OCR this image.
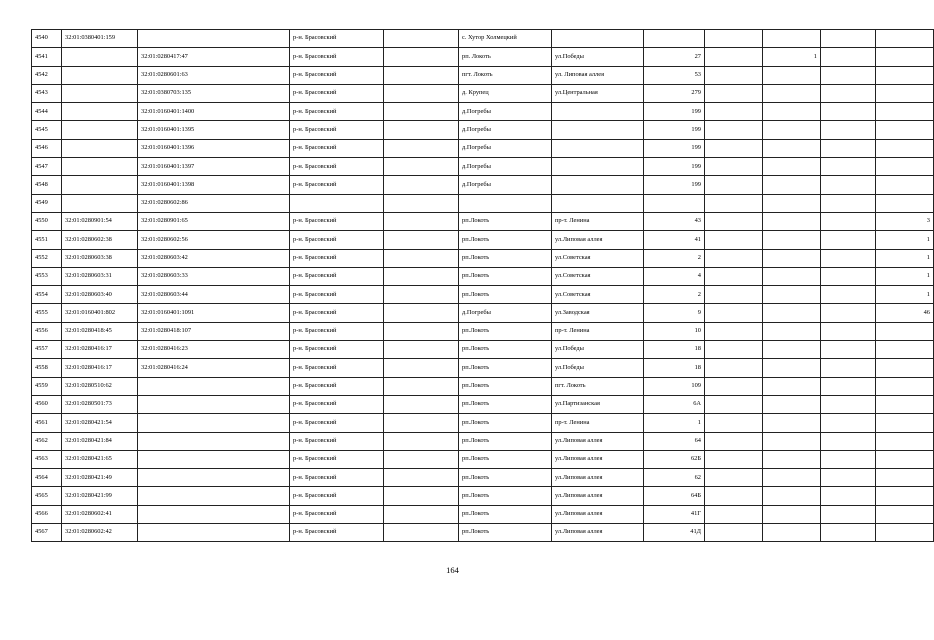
4540	32:01:0380401:159		р-н. Брасовский		с. Хутор Холмецкий						
4541		32:01:0280417:47	р-н. Брасовский		рп. Локоть	ул.Победы	27		1		
4542		32:01:0280601:63	р-н. Брасовский		пгт. Локоть	ул. Липовая аллея	53				
4543		32:01:0380703:135	р-н. Брасовский		д. Крупец	ул.Центральная	279				
4544		32:01:0160401:1400	р-н. Брасовский		д.Погребы		199				
4545		32:01:0160401:1395	р-н. Брасовский		д.Погребы		199				
4546		32:01:0160401:1396	р-н. Брасовский		д.Погребы		199				
4547		32:01:0160401:1397	р-н. Брасовский		д.Погребы		199				
4548		32:01:0160401:1398	р-н. Брасовский		д.Погребы		199				
4549		32:01:0280602:86									
4550	32:01:0280901:54	32:01:0280901:65	р-н. Брасовский		рп.Локоть	пр-т. Ленина	43				3
4551	32:01:0280602:38	32:01:0280602:56	р-н. Брасовский		рп.Локоть	ул.Липовая аллея	41				1
4552	32:01:0280603:38	32:01:0280603:42	р-н. Брасовский		рп.Локоть	ул.Советская	2				1
4553	32:01:0280603:31	32:01:0280603:33	р-н. Брасовский		рп.Локоть	ул.Советская	4				1
4554	32:01:0280603:40	32:01:0280603:44	р-н. Брасовский		рп.Локоть	ул.Советская	2				1
4555	32:01:0160401:802	32:01:0160401:1091	р-н. Брасовский		д.Погребы	ул.Заводская	9				46
4556	32:01:0280418:45	32:01:0280418:107	р-н. Брасовский		рп.Локоть	пр-т. Ленина	10				
4557	32:01:0280416:17	32:01:0280416:23	р-н. Брасовский		рп.Локоть	ул.Победы	18				
4558	32:01:0280416:17	32:01:0280416:24	р-н. Брасовский		рп.Локоть	ул.Победы	18				
4559	32:01:0280510:62		р-н. Брасовский		рп.Локоть	пгт. Локоть	109				
4560	32:01:0280501:73		р-н. Брасовский		рп.Локоть	ул.Партизанская	6А				
4561	32:01:0280421:54		р-н. Брасовский		рп.Локоть	пр-т. Ленина	1				
4562	32:01:0280421:84		р-н. Брасовский		рп.Локоть	ул.Липовая аллея	64				
4563	32:01:0280421:65		р-н. Брасовский		рп.Локоть	ул.Липовая аллея	62Б				
4564	32:01:0280421:49		р-н. Брасовский		рп.Локоть	ул.Липовая аллея	62				
4565	32:01:0280421:99		р-н. Брасовский		рп.Локоть	ул.Липовая аллея	64Б				
4566	32:01:0280602:41		р-н. Брасовский		рп.Локоть	ул.Липовая аллея	41Г				
4567	32:01:0280602:42		р-н. Брасовский		рп.Локоть	ул.Липовая аллея	41Д				
164
